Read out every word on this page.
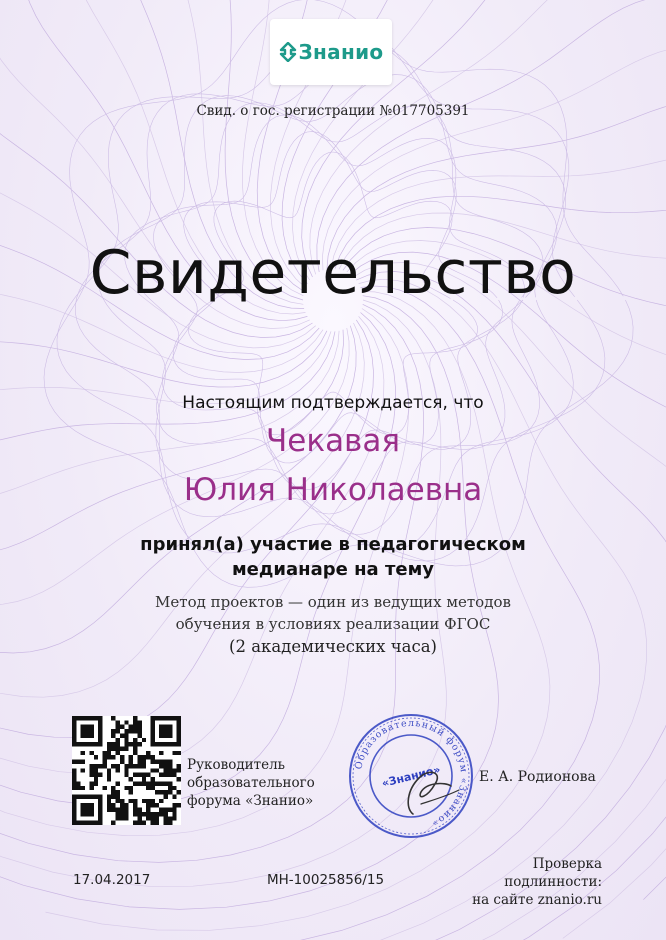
Знанио
Свид. о гос. регистрации №017705391
Свидетельство
Настоящим подтверждается, что
Чекавая
Юлия Николаевна
принял(а) участие в педагогическом
медианаре на тему
Метод проектов — один из ведущих методов
обучения в условиях реализации ФГОС
(2 академических часа)
Руководитель
образовательного
форума «Знанио»
Образовательный форум «Знанио»
«Знанио»	Е. А. Родионова
17.04.2017	МН-10025856/15
Проверка
подлинности:
на сайте znanio.ru
